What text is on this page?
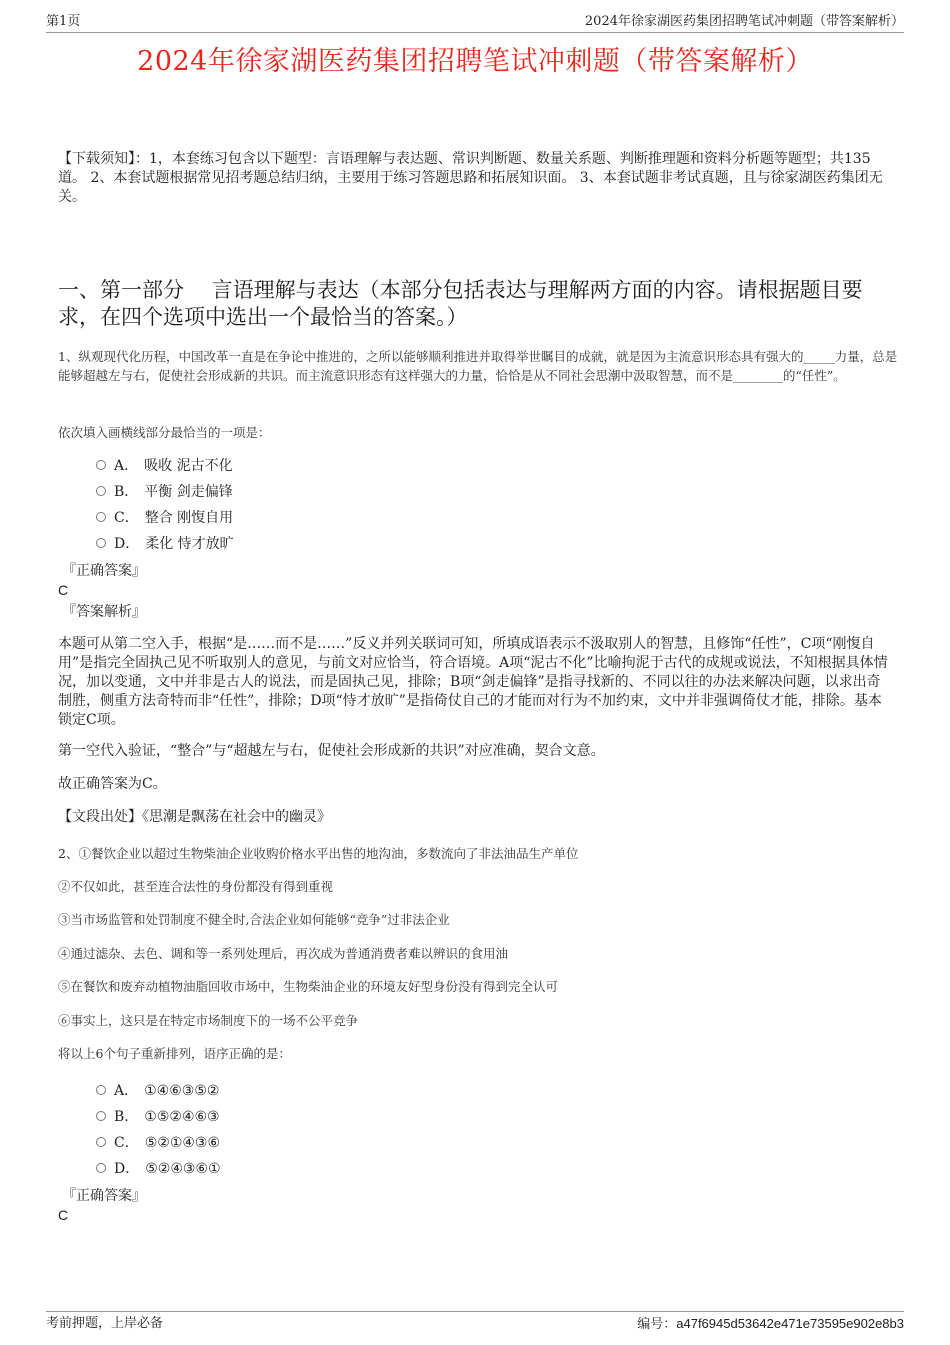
第1页	2024年徐家湖医药集团招聘笔试冲刺题（带答案解析）
2024年徐家湖医药集团招聘笔试冲刺题（带答案解析）
【下载须知】：1，本套练习包含以下题型：言语理解与表达题、常识判断题、数量关系题、判断推理题和资料分析题等题型；共135道。 2、本套试题根据常见招考题总结归纳，主要用于练习答题思路和拓展知识面。 3、本套试题非考试真题，且与徐家湖医药集团无关。
一、第一部分　 言语理解与表达（本部分包括表达与理解两方面的内容。请根据题目要求，在四个选项中选出一个最恰当的答案。）
1、纵观现代化历程，中国改革一直是在争论中推进的，之所以能够顺利推进并取得举世瞩目的成就，就是因为主流意识形态具有强大的_____力量，总是能够超越左与右，促使社会形成新的共识。而主流意识形态有这样强大的力量，恰恰是从不同社会思潮中汲取智慧，而不是________的“任性”。
依次填入画横线部分最恰当的一项是：
A． 吸收 泥古不化
B． 平衡 剑走偏锋
C． 整合 刚愎自用
D． 柔化 恃才放旷
『正确答案』
C
『答案解析』
本题可从第二空入手，根据“是……而不是……”反义并列关联词可知，所填成语表示不汲取别人的智慧，且修饰“任性”，C项“刚愎自用”是指完全固执己见不听取别人的意见，与前文对应恰当，符合语境。A项“泥古不化”比喻拘泥于古代的成规或说法，不知根据具体情况，加以变通，文中并非是古人的说法，而是固执己见，排除；B项“剑走偏锋”是指寻找新的、不同以往的办法来解决问题，以求出奇制胜，侧重方法奇特而非“任性”，排除；D项“恃才放旷”是指倚仗自己的才能而对行为不加约束，文中并非强调倚仗才能，排除。基本锁定C项。
第一空代入验证，“整合”与“超越左与右，促使社会形成新的共识”对应准确，契合文意。
故正确答案为C。
【文段出处】《思潮是飘荡在社会中的幽灵》
2、①餐饮企业以超过生物柴油企业收购价格水平出售的地沟油，多数流向了非法油品生产单位
②不仅如此，甚至连合法性的身份都没有得到重视
③当市场监管和处罚制度不健全时,合法企业如何能够“竞争”过非法企业
④通过滤杂、去色、调和等一系列处理后，再次成为普通消费者难以辨识的食用油
⑤在餐饮和废弃动植物油脂回收市场中，生物柴油企业的环境友好型身份没有得到完全认可
⑥事实上，这只是在特定市场制度下的一场不公平竞争
将以上6个句子重新排列，语序正确的是：
A． ①④⑥③⑤②
B． ①⑤②④⑥③
C． ⑤②①④③⑥
D． ⑤②④③⑥①
『正确答案』
C
考前押题，上岸必备	编号：a47f6945d53642e471e73595e902e8b3
